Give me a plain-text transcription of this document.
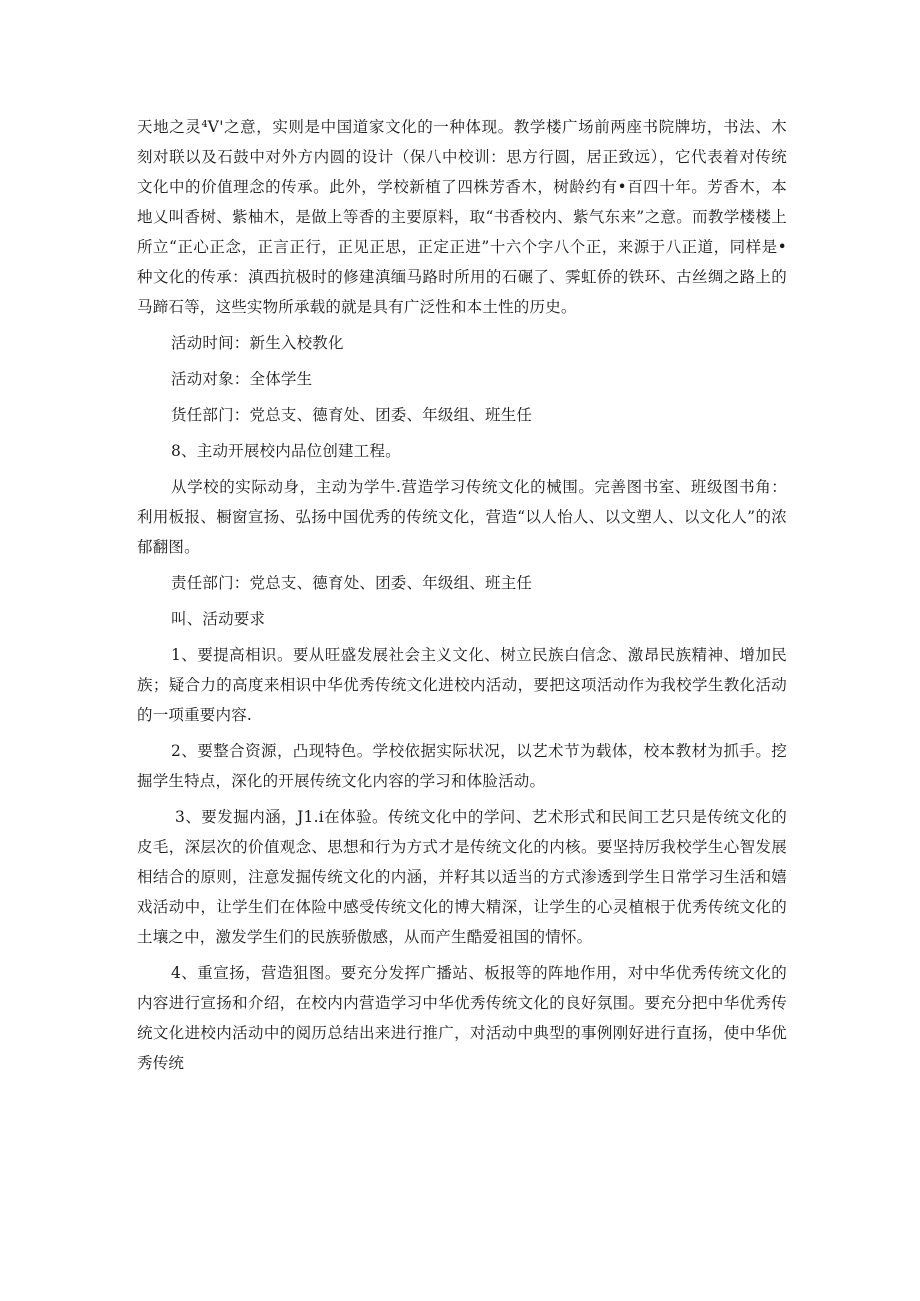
天地之灵⁴V'之意，实则是中国道家文化的一种体现。教学楼广场前两座书院牌坊，书法、木刻对联以及石鼓中对外方内圆的设计（保八中校训：思方行圆，居正致远），它代表着对传统文化中的价值理念的传承。此外，学校新植了四株芳香木，树龄约有•百四十年。芳香木，本地乂叫香树、紫柚木，是做上等香的主要原料，取“书香校内、紫气东来”之意。而教学楼楼上所立“正心正念，正言正行，正见正思，正定正进”十六个字八个正，来源于八正道，同样是•种文化的传承：滇西抗极时的修建滇缅马路时所用的石碾了、霁虹侨的铁环、古丝绸之路上的马蹄石等，这些实物所承载的就是具有广泛性和本土性的历史。

活动时间：新生入校教化

活动对象：全体学生

货任部门：党总支、德育处、团委、年级组、班生任

8、主动开展校内品位创建工程。

从学校的实际动身，主动为学牛.营造学习传统文化的械围。完善图书室、班级图书角：利用板报、橱窗宣扬、弘扬中国优秀的传统文化，营造“以人怡人、以文塑人、以文化人”的浓郁翻图。

责任部门：党总支、德育处、团委、年级组、班主任

叫、活动要求

1、要提高相识。要从旺盛发展社会主义文化、树立民族白信念、激昂民族精神、增加民族；疑合力的高度来相识中华优秀传统文化进校内活动，要把这项活动作为我校学生教化活动的一项重要内容.

2、要整合资源，凸现特色。学校依据实际状况，以艺术节为载体，校本教材为抓手。挖掘学生特点，深化的开展传统文化内容的学习和体脸活动。

3、要发掘内涵，J1.i在体验。传统文化中的学问、艺术形式和民间工艺只是传统文化的皮毛，深层次的价值观念、思想和行为方式才是传统文化的内核。要坚持厉我校学生心智发展相结合的原则，注意发掘传统文化的内涵，并籽其以适当的方式渗透到学生日常学习生活和嬉戏活动中，让学生们在体险中感受传统文化的博大精深，让学生的心灵植根于优秀传统文化的土壤之中，激发学生们的民族骄傲感，从而产生酷爱祖国的情怀。

4、重宣扬，营造狙图。要充分发挥广播站、板报等的阵地作用，对中华优秀传统文化的内容进行宣扬和介绍，在校内内营造学习中华优秀传统文化的良好氛围。要充分把中华优秀传统文化进校内活动中的阅历总结出来进行推广，对活动中典型的事例刚好进行直扬，使中华优秀传统
